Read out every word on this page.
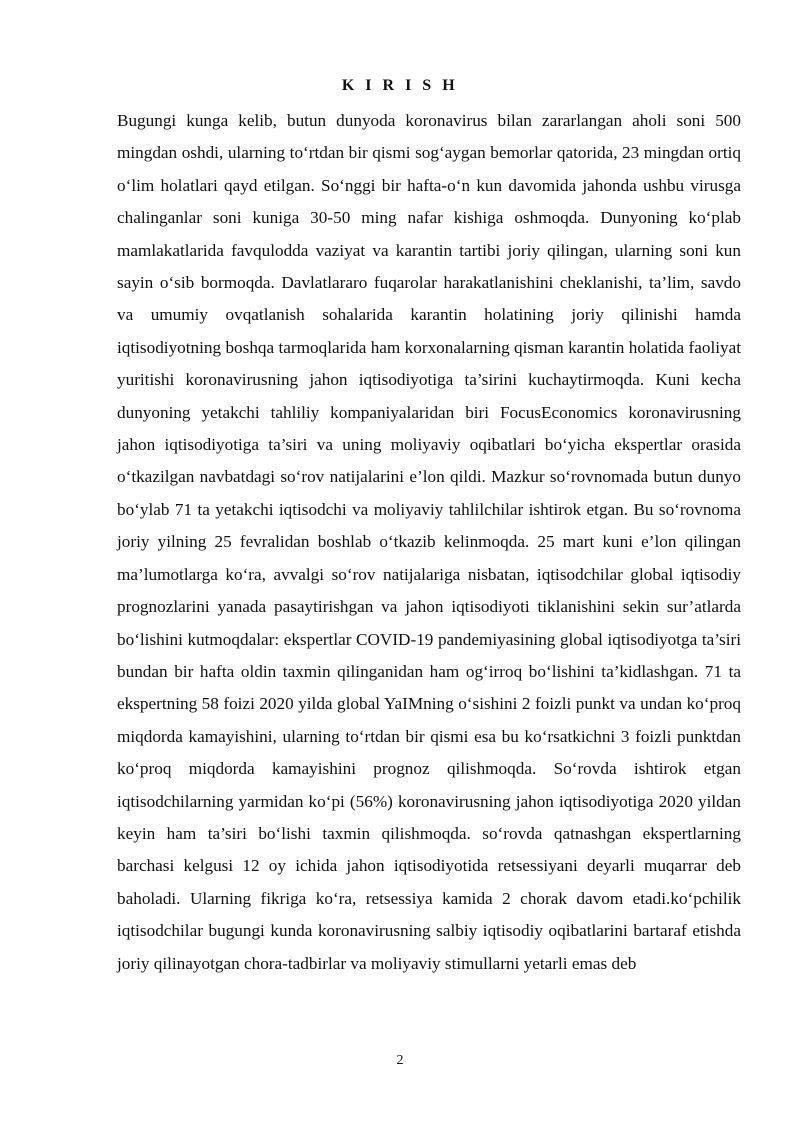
K I R I S H

Bugungi kunga kelib, butun dunyoda koronavirus bilan zararlangan aholi soni 500 mingdan oshdi, ularning to‘rtdan bir qismi sog‘aygan bemorlar qatorida, 23 mingdan ortiq o‘lim holatlari qayd etilgan. So‘nggi bir hafta-o‘n kun davomida jahonda ushbu virusga chalinganlar soni kuniga 30-50 ming nafar kishiga oshmoqda. Dunyoning ko‘plab mamlakatlarida favqulodda vaziyat va karantin tartibi joriy qilingan, ularning soni kun sayin o‘sib bormoqda. Davlatlararo fuqarolar harakatlanishini cheklanishi, ta’lim, savdo va umumiy ovqatlanish sohalarida karantin holatining joriy qilinishi hamda iqtisodiyotning boshqa tarmoqlarida ham korxonalarning qisman karantin holatida faoliyat yuritishi koronavirusning jahon iqtisodiyotiga ta’sirini kuchaytirmoqda. Kuni kecha dunyoning yetakchi tahliliy kompaniyalaridan biri FocusEconomics koronavirusning jahon iqtisodiyotiga ta’siri va uning moliyaviy oqibatlari bo‘yicha ekspertlar orasida o‘tkazilgan navbatdagi so‘rov natijalarini e’lon qildi. Mazkur so‘rovnomada butun dunyo bo‘ylab 71 ta yetakchi iqtisodchi va moliyaviy tahlilchilar ishtirok etgan. Bu so‘rovnoma joriy yilning 25 fevralidan boshlab o‘tkazib kelinmoqda. 25 mart kuni e’lon qilingan ma’lumotlarga ko‘ra, avvalgi so‘rov natijalariga nisbatan, iqtisodchilar global iqtisodiy prognozlarini yanada pasaytirishgan va jahon iqtisodiyoti tiklanishini sekin sur’atlarda bo‘lishini kutmoqdalar: ekspertlar COVID-19 pandemiyasining global iqtisodiyotga ta’siri bundan bir hafta oldin taxmin qilinganidan ham og‘irroq bo‘lishini ta’kidlashgan. 71 ta ekspertning 58 foizi 2020 yilda global YaIMning o‘sishini 2 foizli punkt va undan ko‘proq miqdorda kamayishini, ularning to‘rtdan bir qismi esa bu ko‘rsatkichni 3 foizli punktdan ko‘proq miqdorda kamayishini prognoz qilishmoqda. So‘rovda ishtirok etgan iqtisodchilarning yarmidan ko‘pi (56%) koronavirusning jahon iqtisodiyotiga 2020 yildan keyin ham ta’siri bo‘lishi taxmin qilishmoqda. so‘rovda qatnashgan ekspertlarning barchasi kelgusi 12 oy ichida jahon iqtisodiyotida retsessiyani deyarli muqarrar deb baholadi. Ularning fikriga ko‘ra, retsessiya kamida 2 chorak davom etadi.ko‘pchilik iqtisodchilar bugungi kunda koronavirusning salbiy iqtisodiy oqibatlarini bartaraf etishda joriy qilinayotgan chora-tadbirlar va moliyaviy stimullarni yetarli emas deb

2
